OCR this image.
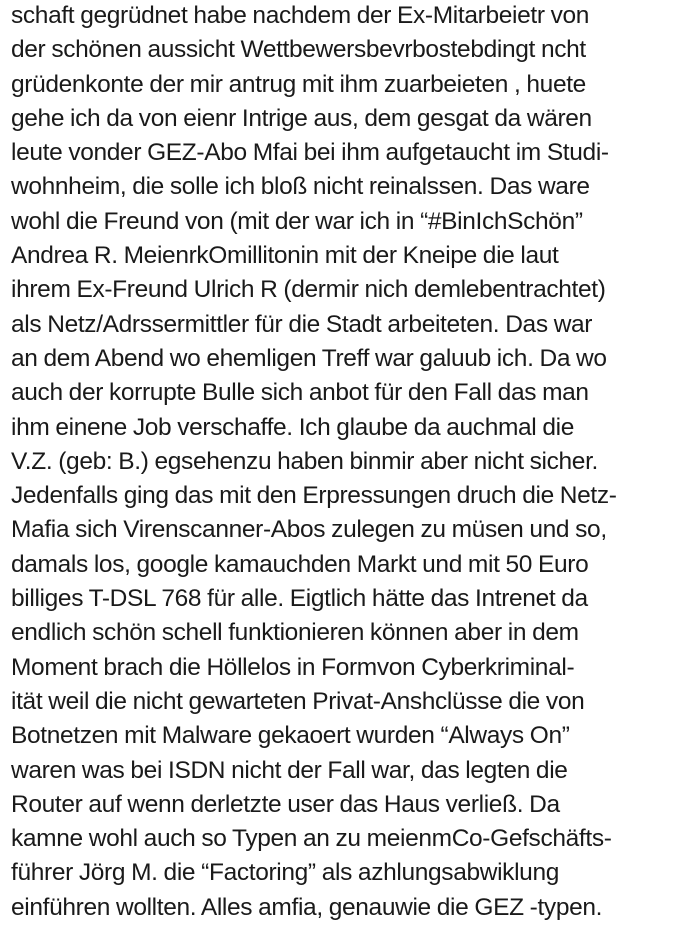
schaft gegrüdnet habe nachdem der Ex-Mitarbeietr von
der schönen aussicht Wettbewersbevrbostebdingt ncht
grüdenkonte der mir antrug mit ihm zuarbeieten , huete
gehe ich da von eienr Intrige aus, dem gesgat da wären
leute vonder GEZ-Abo Mfai bei ihm aufgetaucht im Studi-
wohnheim, die solle ich bloß nicht reinalssen. Das ware
wohl die Freund von (mit der war ich in “#BinIchSchön”
Andrea R. MeienrkOmillitonin mit der Kneipe die laut
ihrem Ex-Freund Ulrich R (dermir nich demlebentrachtet)
als Netz/Adrssermittler für die Stadt arbeiteten. Das war
an dem Abend wo ehemligen Treff war galuub ich. Da wo
auch der korrupte Bulle sich anbot für den Fall das man
ihm einene Job verschaffe. Ich glaube da auchmal die
V.Z. (geb: B.) egsehenzu haben binmir aber nicht sicher.
Jedenfalls ging das mit den Erpressungen druch die Netz-
Mafia sich Virenscanner-Abos zulegen zu müsen und so,
damals los, google kamauchden Markt und mit 50 Euro
billiges T-DSL 768 für alle. Eigtlich hätte das Intrenet da
endlich schön schell funktionieren können aber in dem
Moment brach die Höllelos in Formvon Cyberkriminal-
ität weil die nicht gewarteten Privat-Anshclüsse die von
Botnetzen mit Malware gekaoert wurden “Always On”
waren was bei ISDN nicht der Fall war, das legten die
Router auf wenn derletzte user das Haus verließ. Da
kamne wohl auch so Typen an zu meienmCo-Gefschäfts-
führer Jörg M. die “Factoring” als azhlungsabwiklung
einführen wollten. Alles amfia, genauwie die GEZ -typen.
